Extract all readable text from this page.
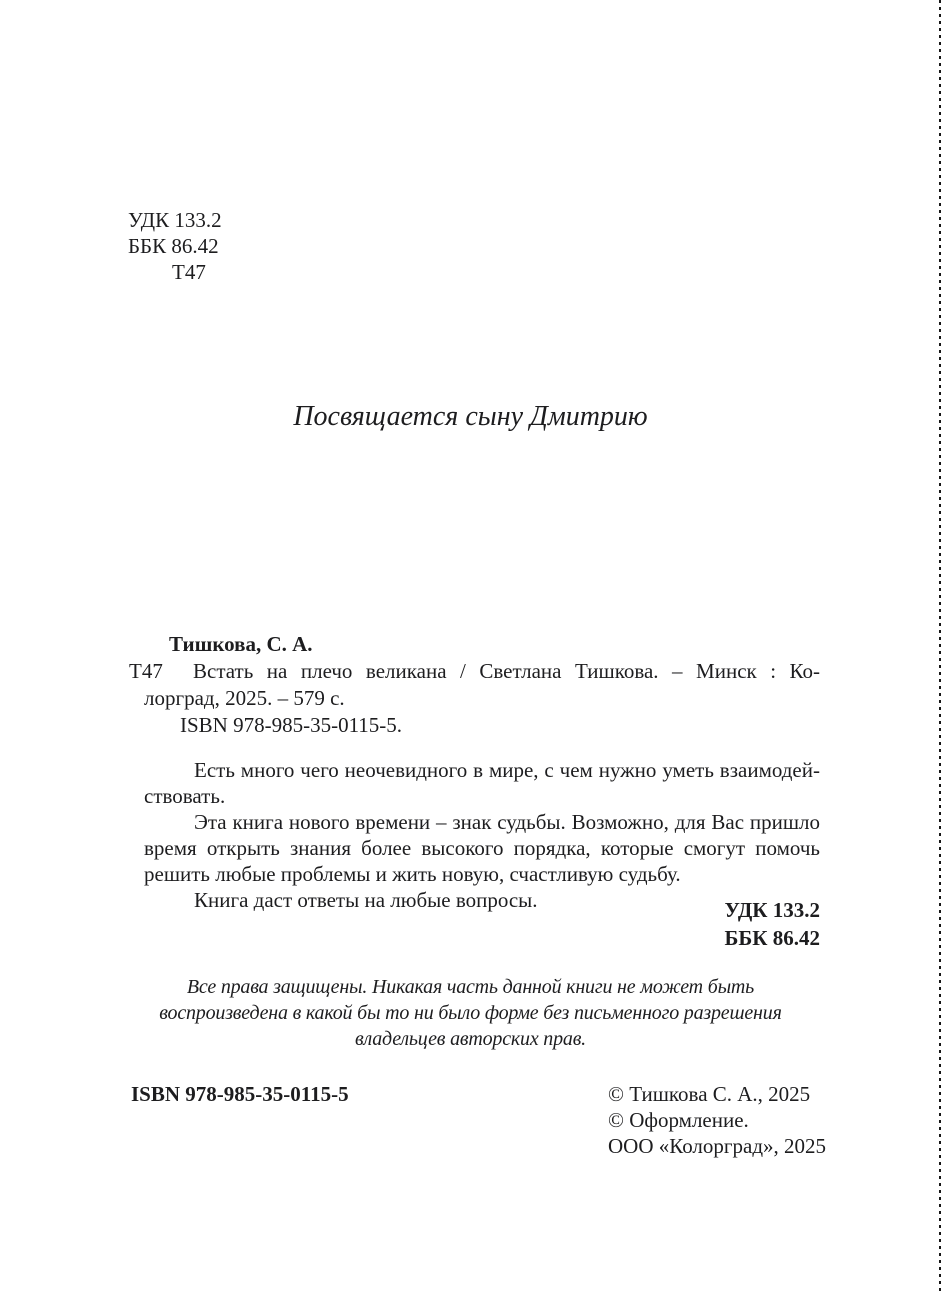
УДК 133.2
ББК 86.42
Т47
Посвящается сыну Дмитрию
Тишкова, С. А.
Т47 Встать на плечо великана / Светлана Тишкова. – Минск : Ко-
лорград, 2025. – 579 с.
ISBN 978-985-35-0115-5.
Есть много чего неочевидного в мире, с чем нужно уметь взаимодей-
ствовать.
Эта книга нового времени – знак судьбы. Возможно, для Вас пришло
время открыть знания более высокого порядка, которые смогут помочь
решить любые проблемы и жить новую, счастливую судьбу.
Книга даст ответы на любые вопросы.	УДК 133.2
ББК 86.42
Все права защищены. Никакая часть данной книги не может быть
воспроизведена в какой бы то ни было форме без письменного разрешения
владельцев авторских прав.
ISBN 978-985-35-0115-5	© Тишкова С. А., 2025
© Оформление.
ООО «Колорград», 2025
